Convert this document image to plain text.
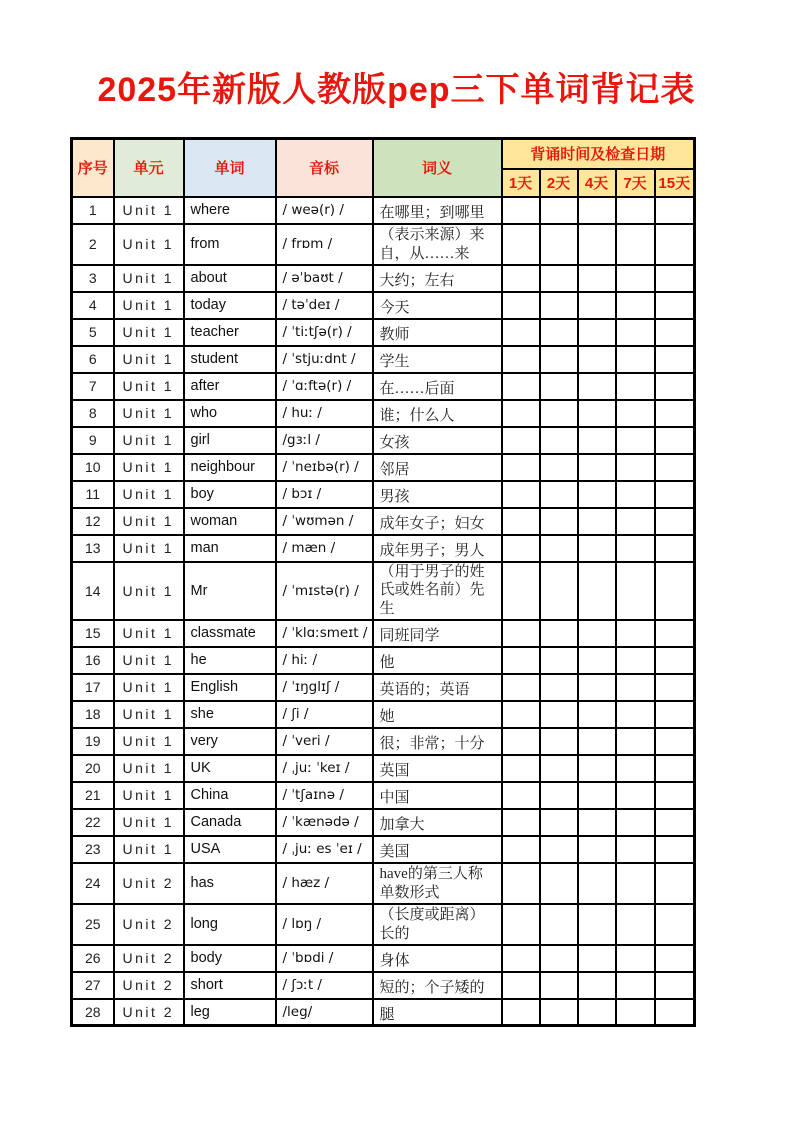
2025年新版人教版pep三下单词背记表
序号	单元	单词	音标	词义	背诵时间及检查日期				
					1天	2天	4天	7天	15天
1	Unit 1	where	/ weə(r) /	在哪里；到哪里					
2	Unit 1	from	/ frɒm /	（表示来源）来自，从……来					
3	Unit 1	about	/ əˈbaʊt /	大约；左右					
4	Unit 1	today	/ təˈdeɪ /	今天					
5	Unit 1	teacher	/ ˈtiːtʃə(r) /	教师					
6	Unit 1	student	/ ˈstjuːdnt /	学生					
7	Unit 1	after	/ ˈɑːftə(r) /	在……后面					
8	Unit 1	who	/ huː /	谁；什么人					
9	Unit 1	girl	/gɜːl /	女孩					
10	Unit 1	neighbour	/ ˈneɪbə(r) /	邻居					
11	Unit 1	boy	/ bɔɪ /	男孩					
12	Unit 1	woman	/ ˈwʊmən /	成年女子；妇女					
13	Unit 1	man	/ mæn /	成年男子；男人					
14	Unit 1	Mr	/ ˈmɪstə(r) /	（用于男子的姓氏或姓名前）先生					
15	Unit 1	classmate	/ ˈklɑːsmeɪt /	同班同学					
16	Unit 1	he	/ hiː /	他					
17	Unit 1	English	/ ˈɪŋglɪʃ /	英语的；英语					
18	Unit 1	she	/ ʃi /	她					
19	Unit 1	very	/ ˈveri /	很；非常；十分					
20	Unit 1	UK	/ ˌjuː ˈkeɪ /	英国					
21	Unit 1	China	/ ˈtʃaɪnə /	中国					
22	Unit 1	Canada	/ ˈkænədə /	加拿大					
23	Unit 1	USA	/ ˌjuː es ˈeɪ /	美国					
24	Unit 2	has	/ hæz /	have的第三人称单数形式					
25	Unit 2	long	/ lɒŋ /	（长度或距离）长的					
26	Unit 2	body	/ ˈbɒdi /	身体					
27	Unit 2	short	/ ʃɔːt /	短的；个子矮的					
28	Unit 2	leg	/leg/	腿					
